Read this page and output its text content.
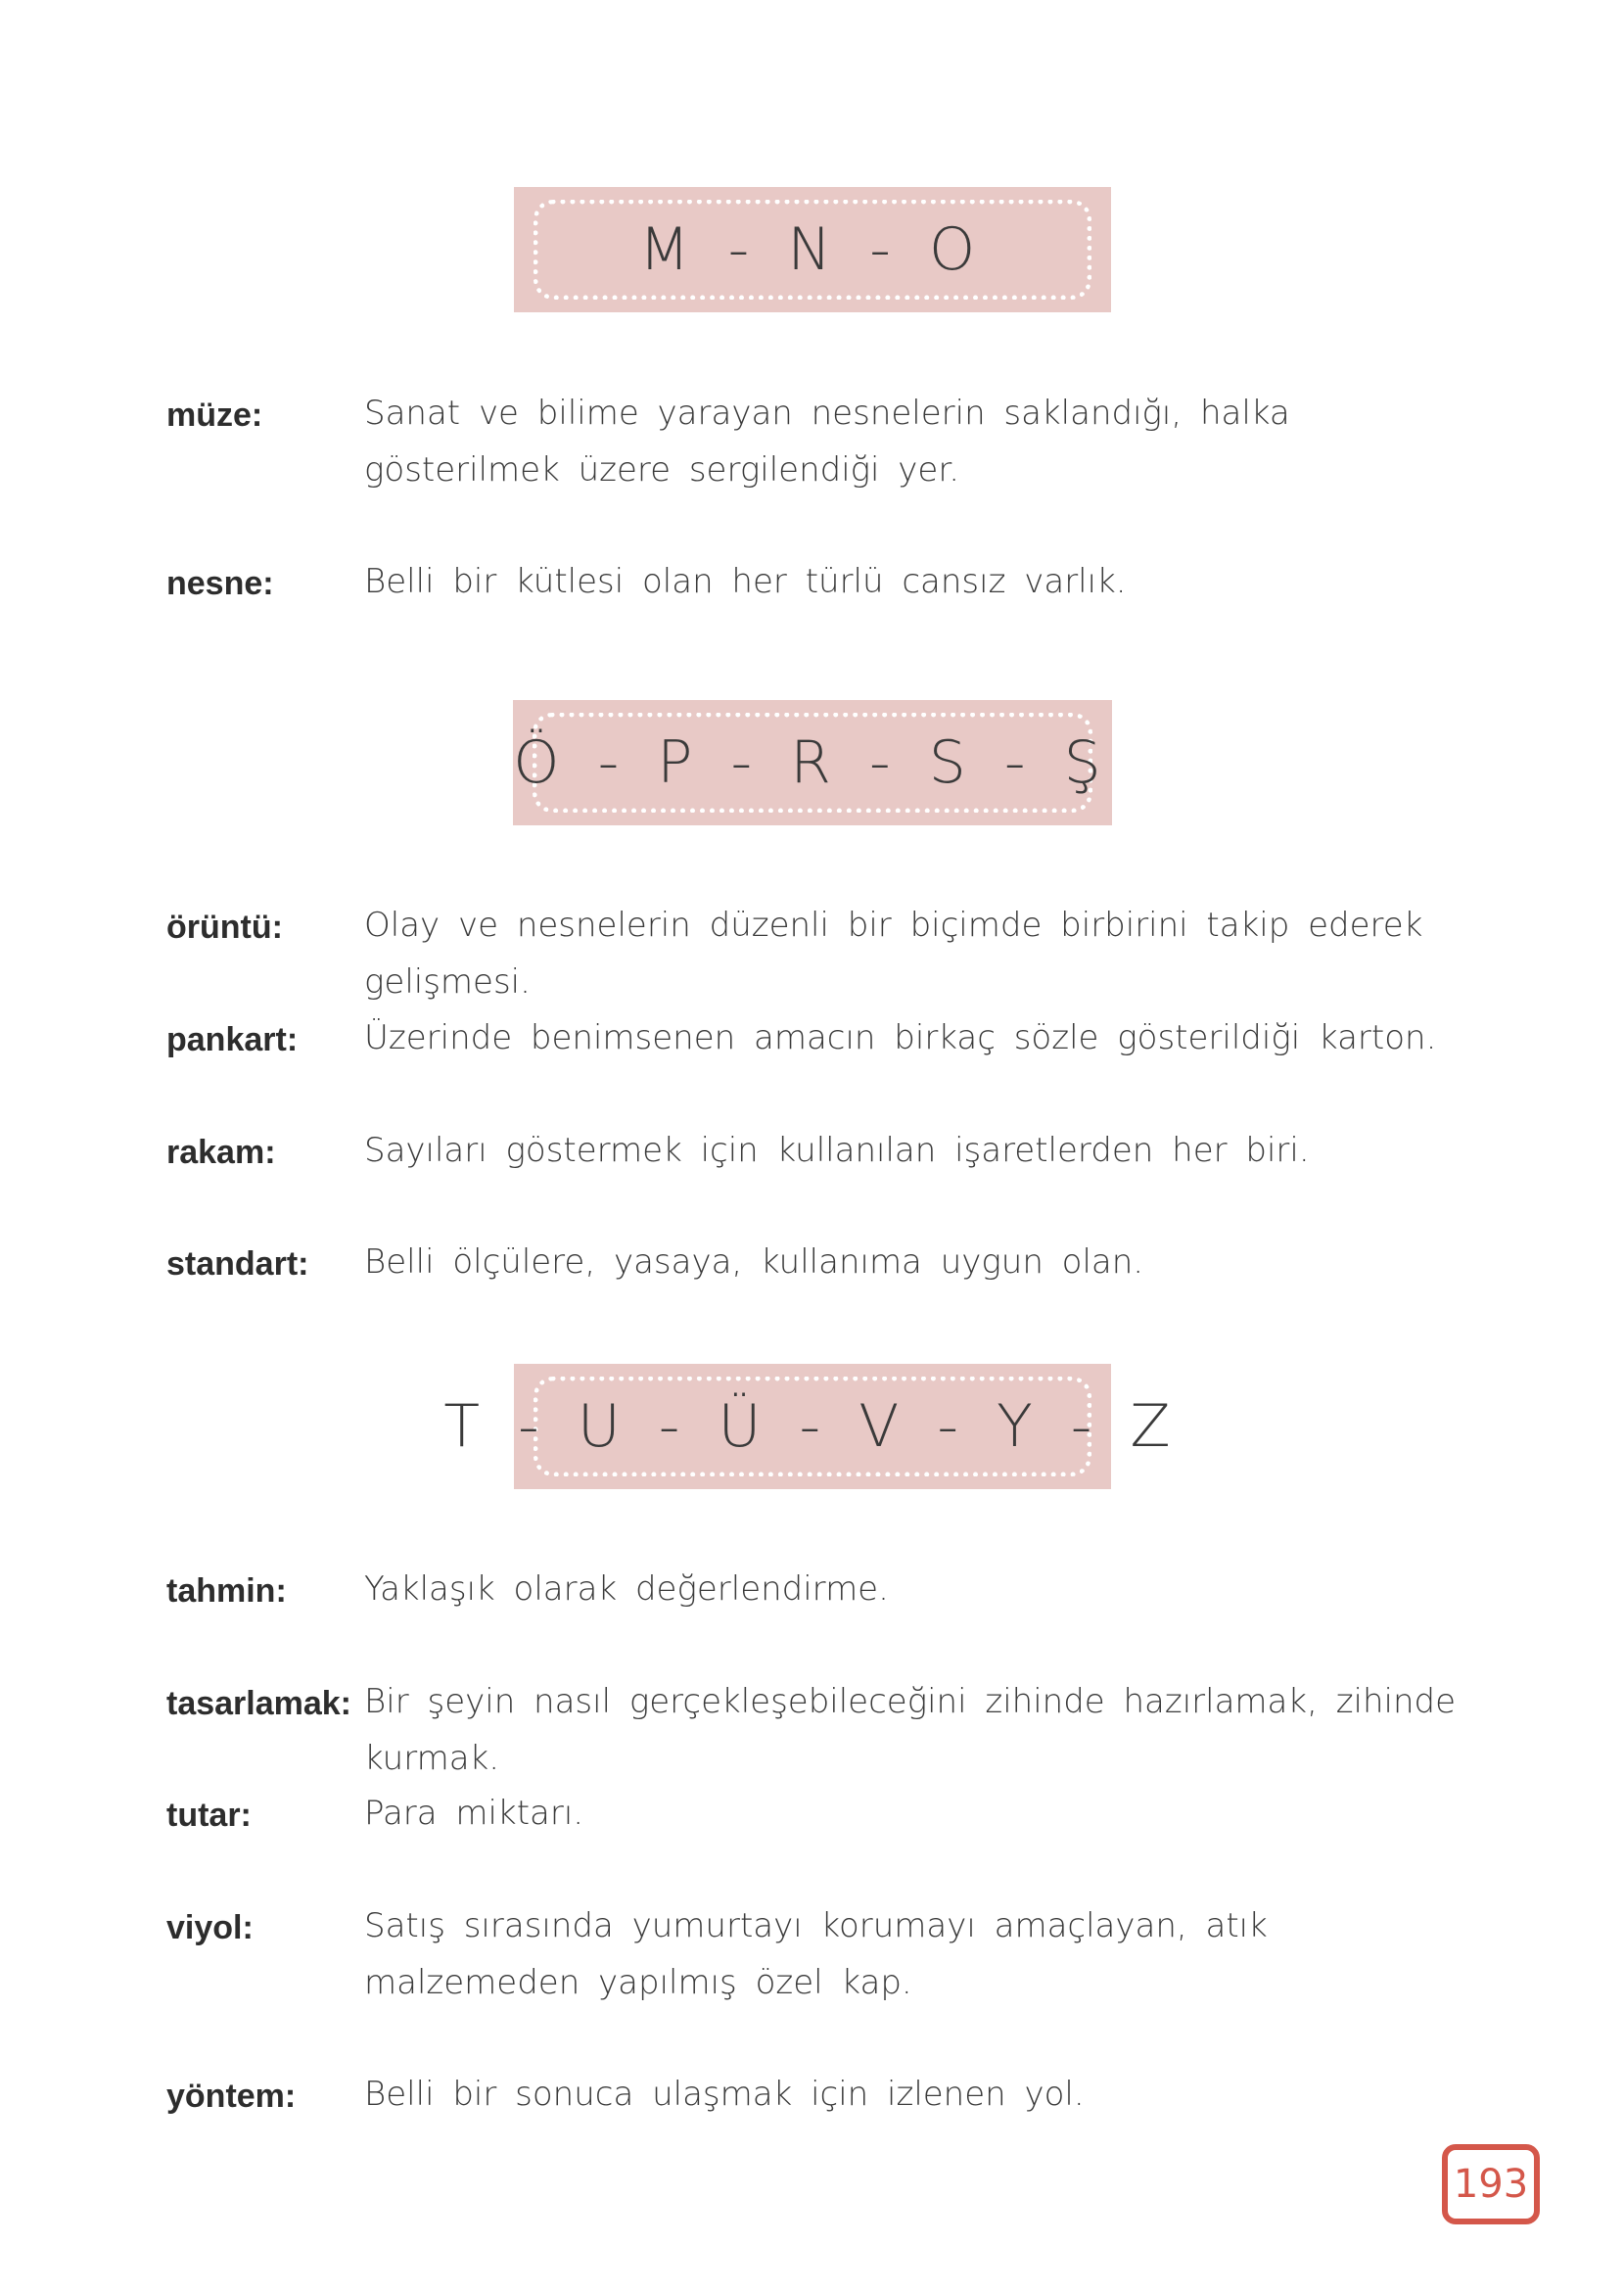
M - N - O
müze:	Sanat ve bilime yarayan nesnelerin saklandığı, halka gösterilmek üzere sergilendiği yer.
nesne:	Belli bir kütlesi olan her türlü cansız varlık.
Ö - P - R - S - Ş
örüntü: Olay ve nesnelerin düzenli bir biçimde birbirini takip ederek gelişmesi.
pankart: Üzerinde benimsenen amacın birkaç sözle gösterildiği karton.
rakam:	Sayıları göstermek için kullanılan işaretlerden her biri.
standart: Belli ölçülere, yasaya, kullanıma uygun olan.
T - U - Ü - V - Y - Z
tahmin: Yaklaşık olarak değerlendirme.
tasarlamak: Bir şeyin nasıl gerçekleşebileceğini zihinde hazırlamak, zihinde kurmak.
tutar:	Para miktarı.
viyol:	Satış sırasında yumurtayı korumayı amaçlayan, atık malzemeden yapılmış özel kap.
yöntem: Belli bir sonuca ulaşmak için izlenen yol.
193
